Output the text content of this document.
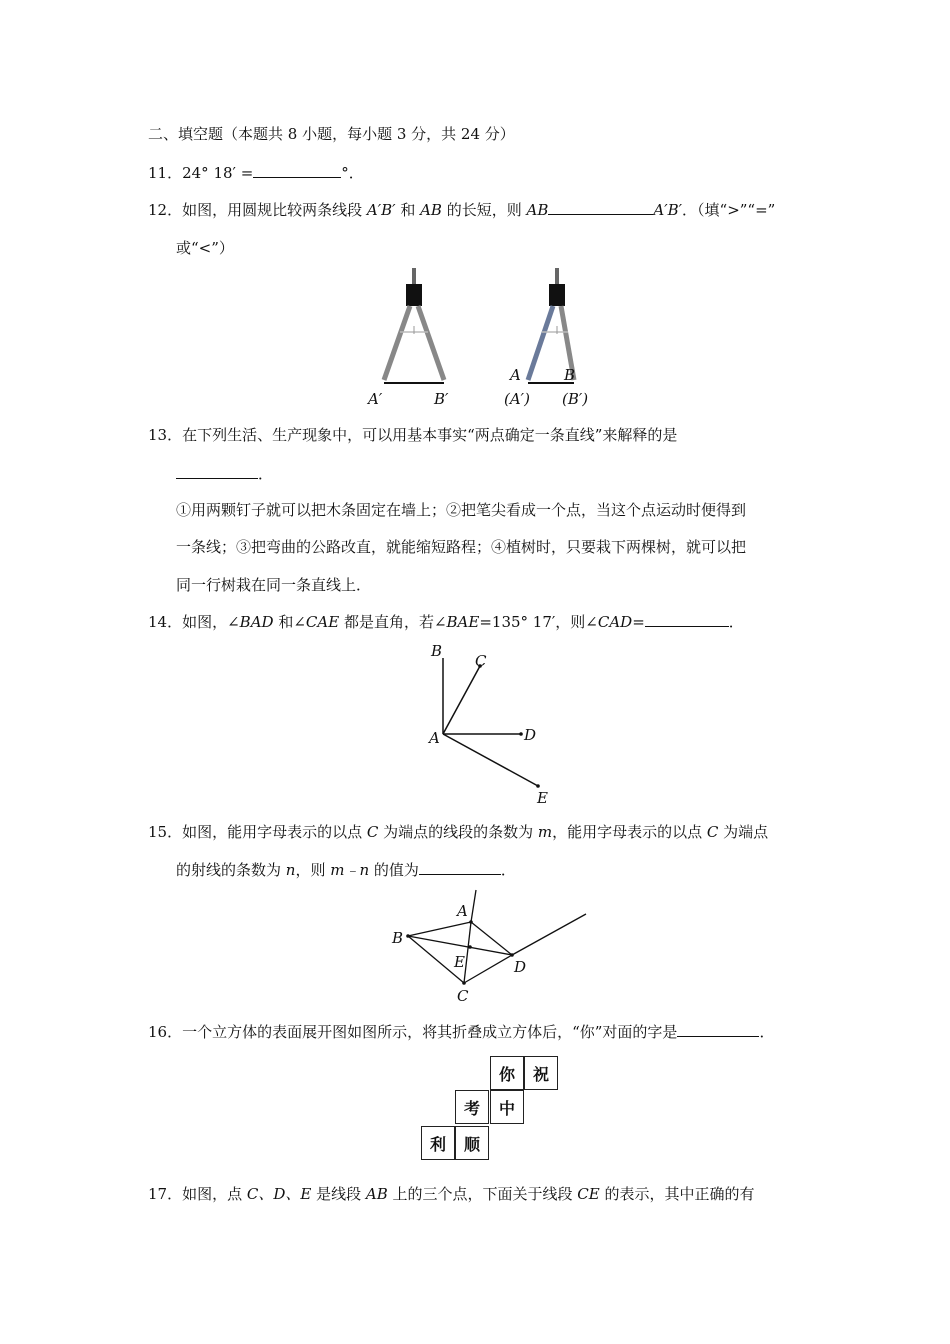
二、填空题（本题共 8 小题，每小题 3 分，共 24 分）
11．24° 18′ =	°．
12．如图，用圆规比较两条线段 A′B′ 和 AB 的长短，则 AB	A′B′．（填“>”“=”
或“<”）
A′	B′
A	B
(A′) (B′)
13．在下列生活、生产现象中，可以用基本事实“两点确定一条直线”来解释的是
．
①用两颗钉子就可以把木条固定在墙上；②把笔尖看成一个点，当这个点运动时便得到
一条线；③把弯曲的公路改直，就能缩短路程；④植树时，只要栽下两棵树，就可以把
同一行树栽在同一条直线上．
14．如图，∠BAD 和∠CAE 都是直角，若∠BAE=135° 17′，则∠CAD=	．
B
C
A	D
E
15．如图，能用字母表示的以点 C 为端点的线段的条数为 m，能用字母表示的以点 C 为端点
的射线的条数为 n，则 m﹣n 的值为	．
A
B
E	D
C
16．一个立方体的表面展开图如图所示，将其折叠成立方体后，“你”对面的字是	．
你	祝
考	中
利	顺
17．如图，点 C、D、E 是线段 AB 上的三个点，下面关于线段 CE 的表示，其中正确的有
